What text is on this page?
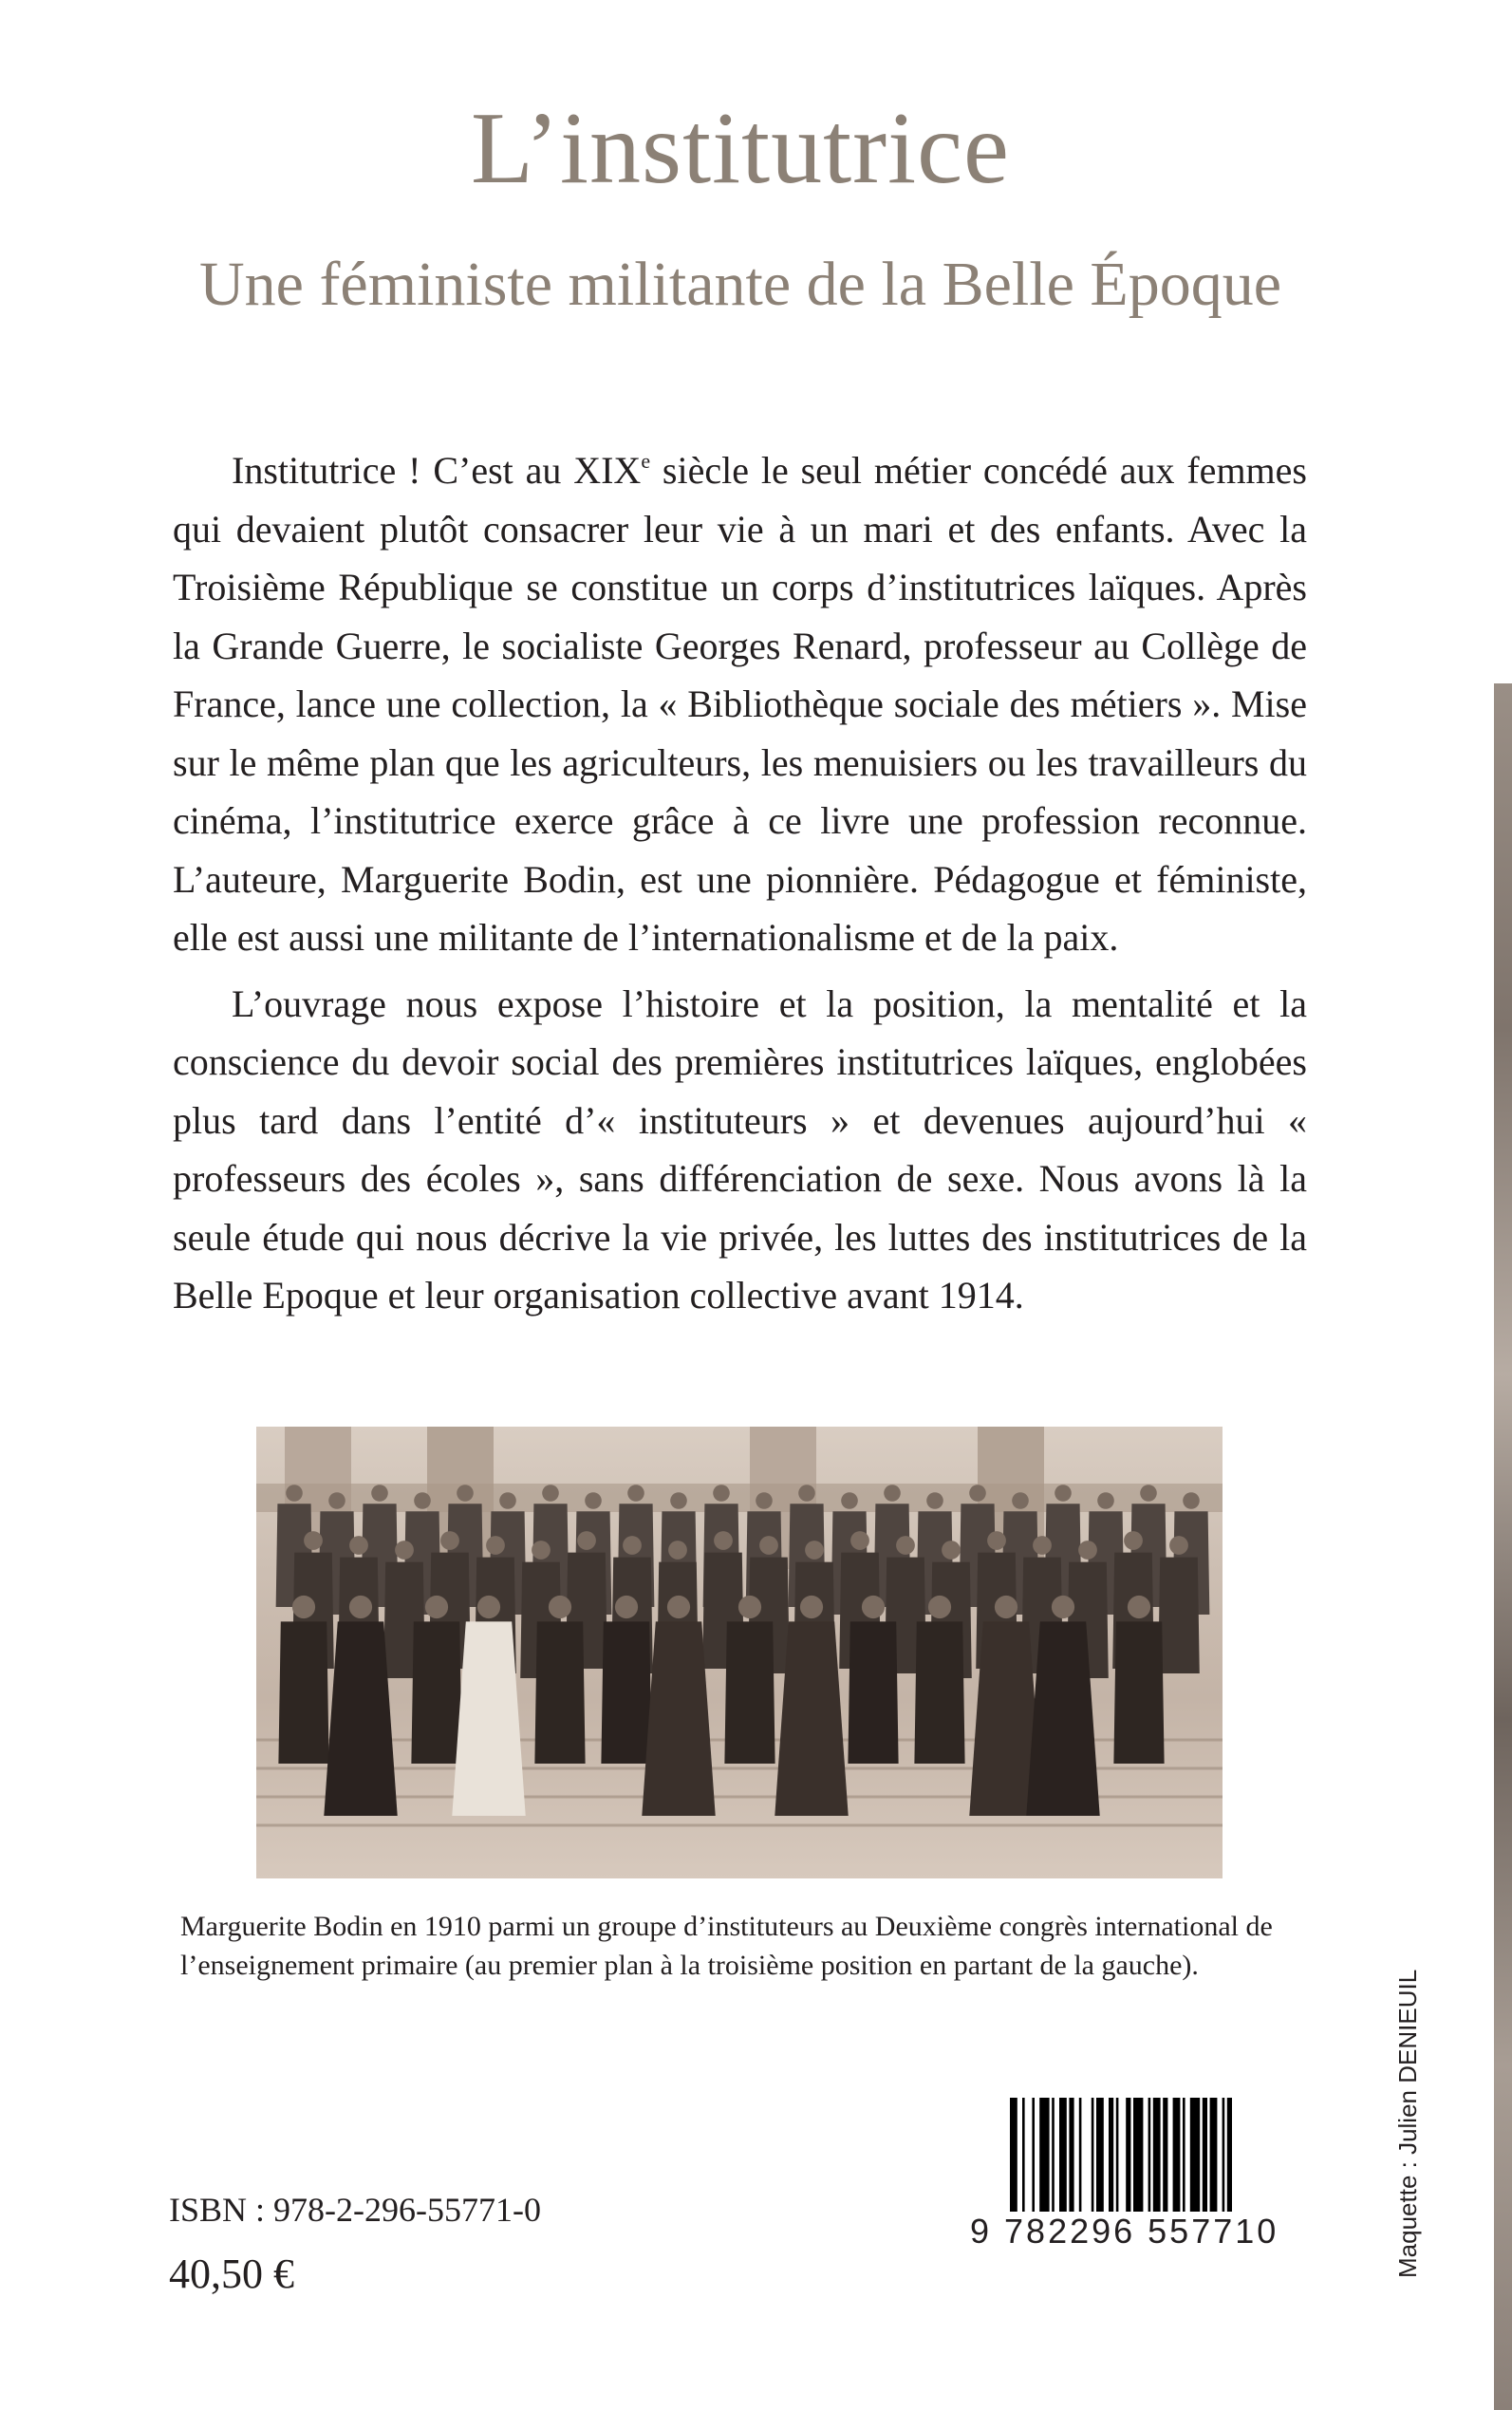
L’institutrice
Une féministe militante de la Belle Époque

Institutrice ! C’est au XIXe siècle le seul métier concédé aux femmes qui devaient plutôt consacrer leur vie à un mari et des enfants. Avec la Troisième République se constitue un corps d’institutrices laïques. Après la Grande Guerre, le socialiste Georges Renard, professeur au Collège de France, lance une collection, la « Bibliothèque sociale des métiers ». Mise sur le même plan que les agriculteurs, les menuisiers ou les travailleurs du cinéma, l’institutrice exerce grâce à ce livre une profession reconnue. L’auteure, Marguerite Bodin, est une pionnière. Pédagogue et féministe, elle est aussi une militante de l’internationalisme et de la paix.

L’ouvrage nous expose l’histoire et la position, la mentalité et la conscience du devoir social des premières institutrices laïques, englobées plus tard dans l’entité d’« instituteurs » et devenues aujourd’hui « professeurs des écoles », sans différenciation de sexe. Nous avons là la seule étude qui nous décrive la vie privée, les luttes des institutrices de la Belle Epoque et leur organisation collective avant 1914.

Marguerite Bodin en 1910 parmi un groupe d’instituteurs au Deuxième congrès international de l’enseignement primaire (au premier plan à la troisième position en partant de la gauche).

ISBN : 978-2-296-55771-0

40,50 €

9 782296 557710	Maquette : Julien DENIEUIL
